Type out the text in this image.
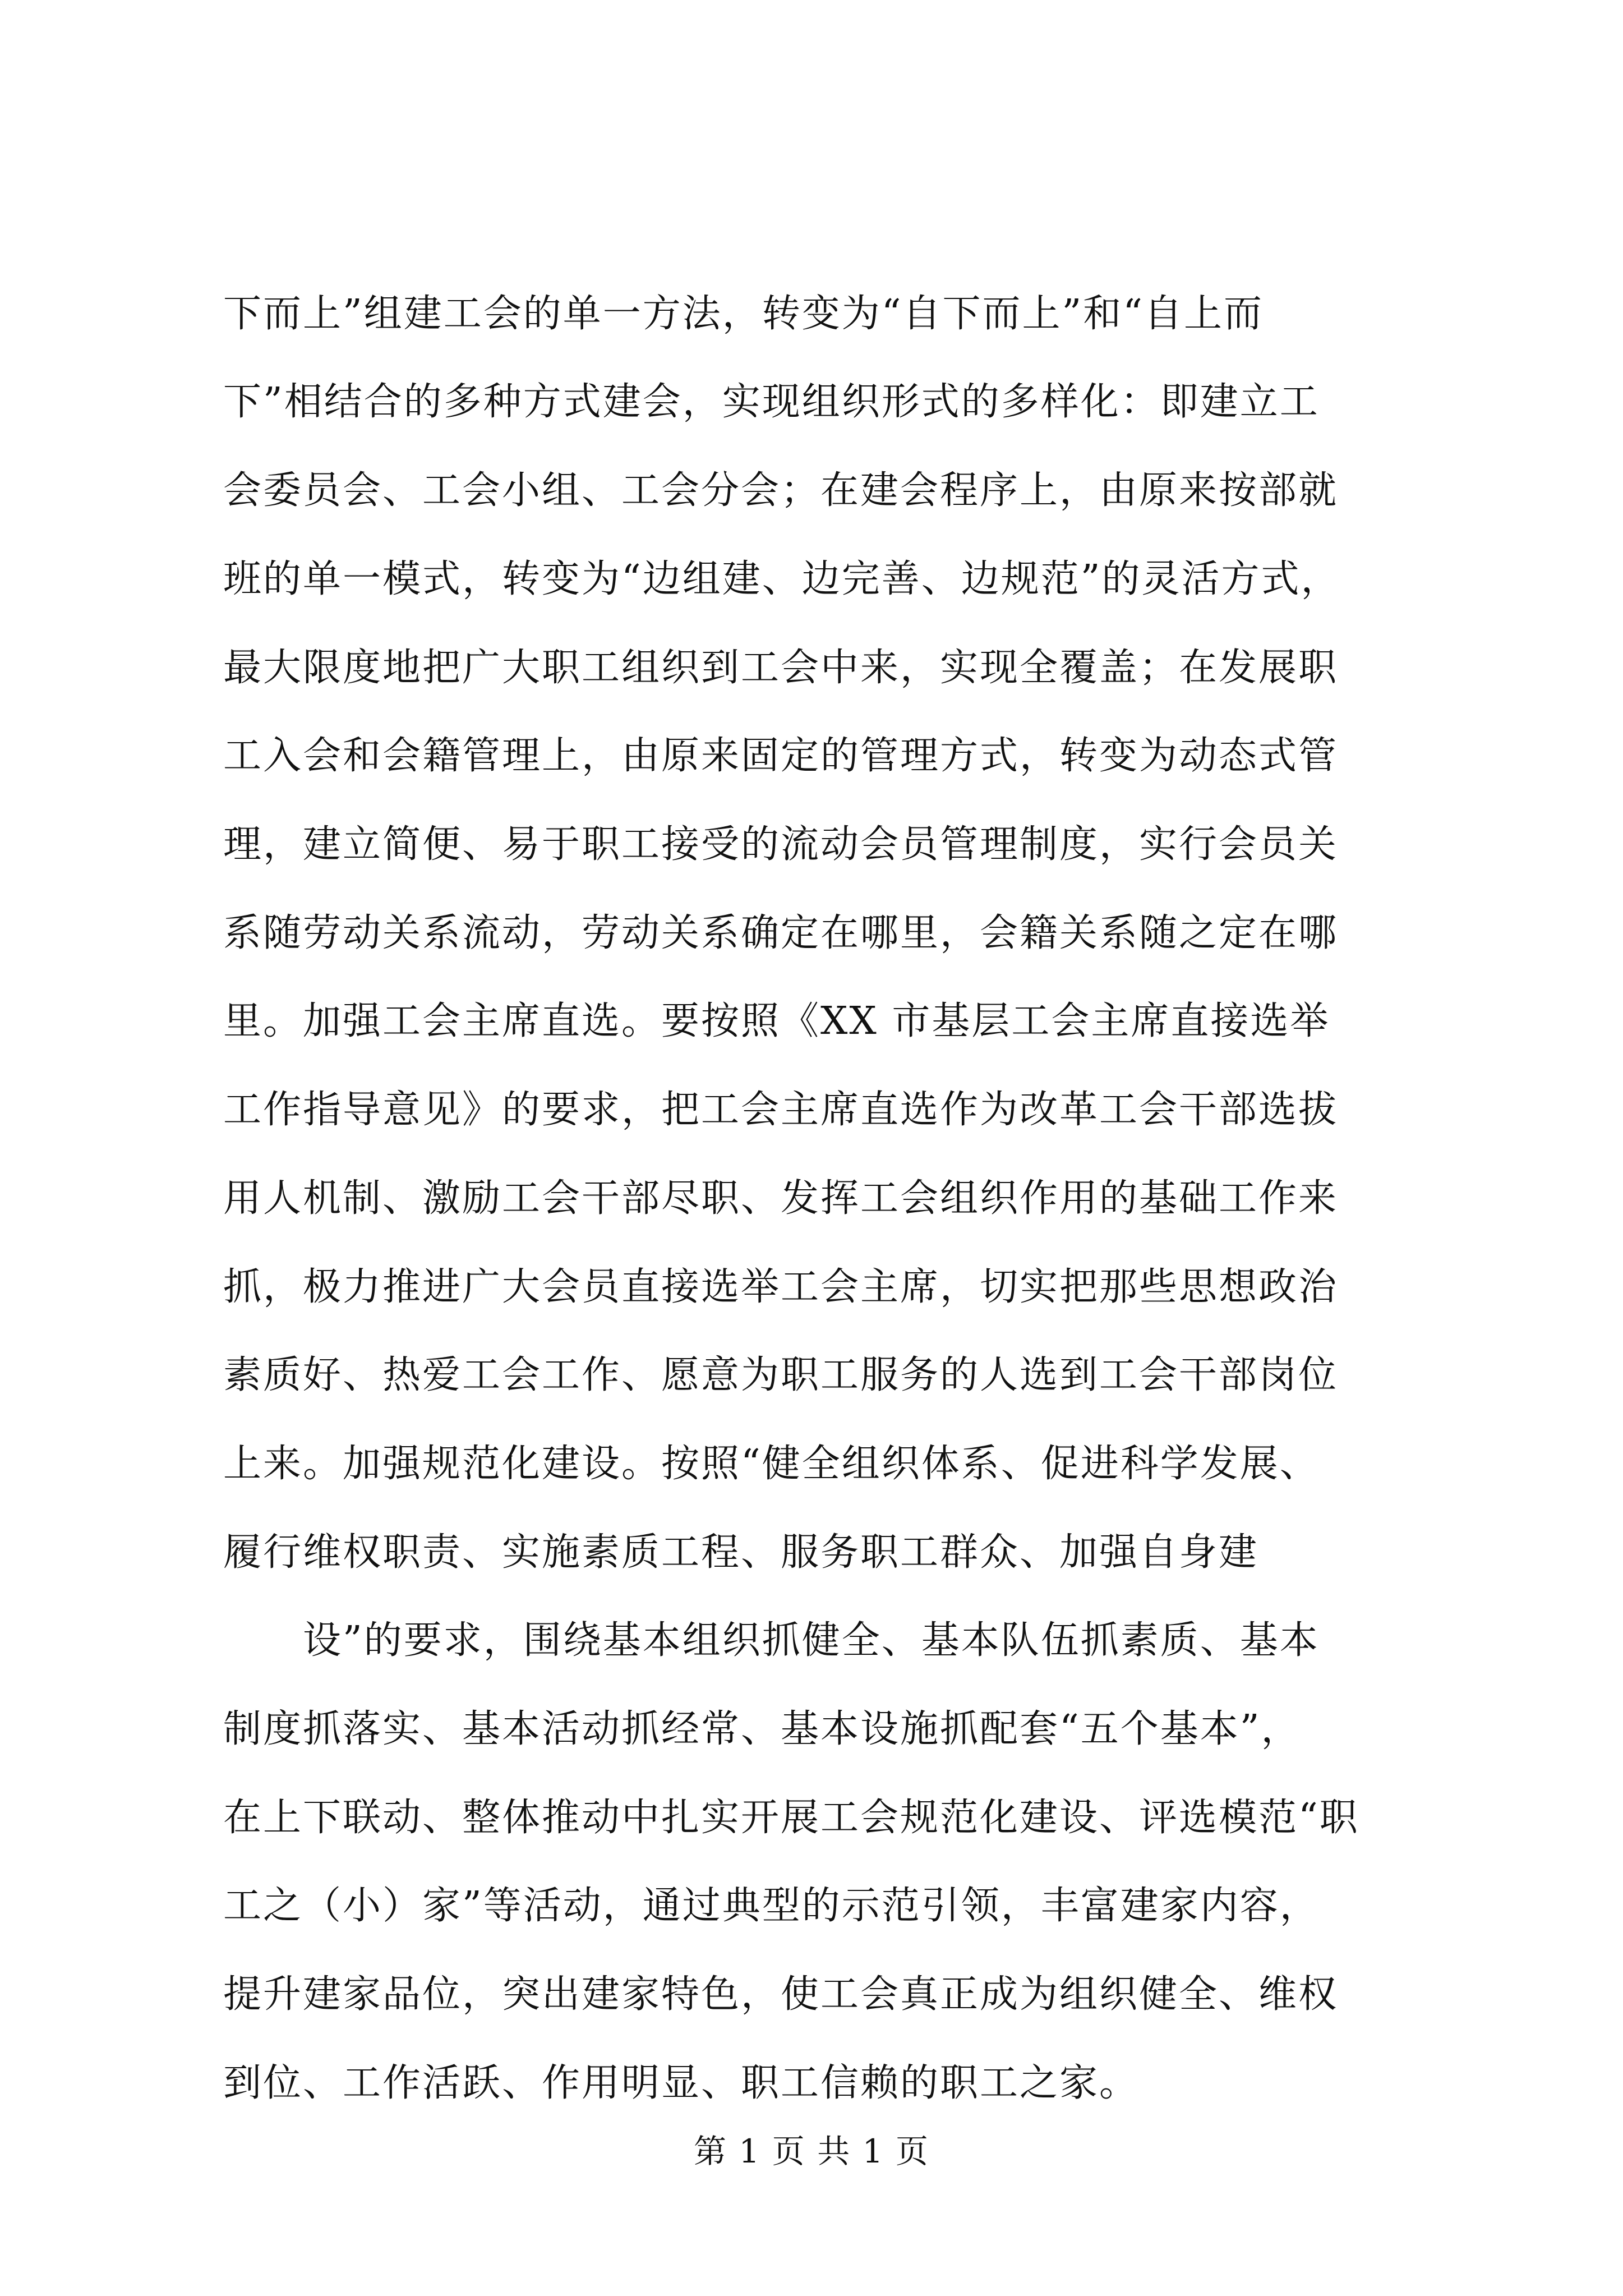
下而上”组建工会的单一方法，转变为“自下而上”和“自上而
下”相结合的多种方式建会，实现组织形式的多样化：即建立工
会委员会、工会小组、工会分会；在建会程序上，由原来按部就
班的单一模式，转变为“边组建、边完善、边规范”的灵活方式，
最大限度地把广大职工组织到工会中来，实现全覆盖；在发展职
工入会和会籍管理上，由原来固定的管理方式，转变为动态式管
理，建立简便、易于职工接受的流动会员管理制度，实行会员关
系随劳动关系流动，劳动关系确定在哪里，会籍关系随之定在哪
里。加强工会主席直选。要按照《XX 市基层工会主席直接选举
工作指导意见》的要求，把工会主席直选作为改革工会干部选拔
用人机制、激励工会干部尽职、发挥工会组织作用的基础工作来
抓，极力推进广大会员直接选举工会主席，切实把那些思想政治
素质好、热爱工会工作、愿意为职工服务的人选到工会干部岗位
上来。加强规范化建设。按照“健全组织体系、促进科学发展、
履行维权职责、实施素质工程、服务职工群众、加强自身建
设”的要求，围绕基本组织抓健全、基本队伍抓素质、基本
制度抓落实、基本活动抓经常、基本设施抓配套“五个基本”，
在上下联动、整体推动中扎实开展工会规范化建设、评选模范“职
工之（小）家”等活动，通过典型的示范引领，丰富建家内容，
提升建家品位，突出建家特色，使工会真正成为组织健全、维权
到位、工作活跃、作用明显、职工信赖的职工之家。
第 1 页 共 1 页
